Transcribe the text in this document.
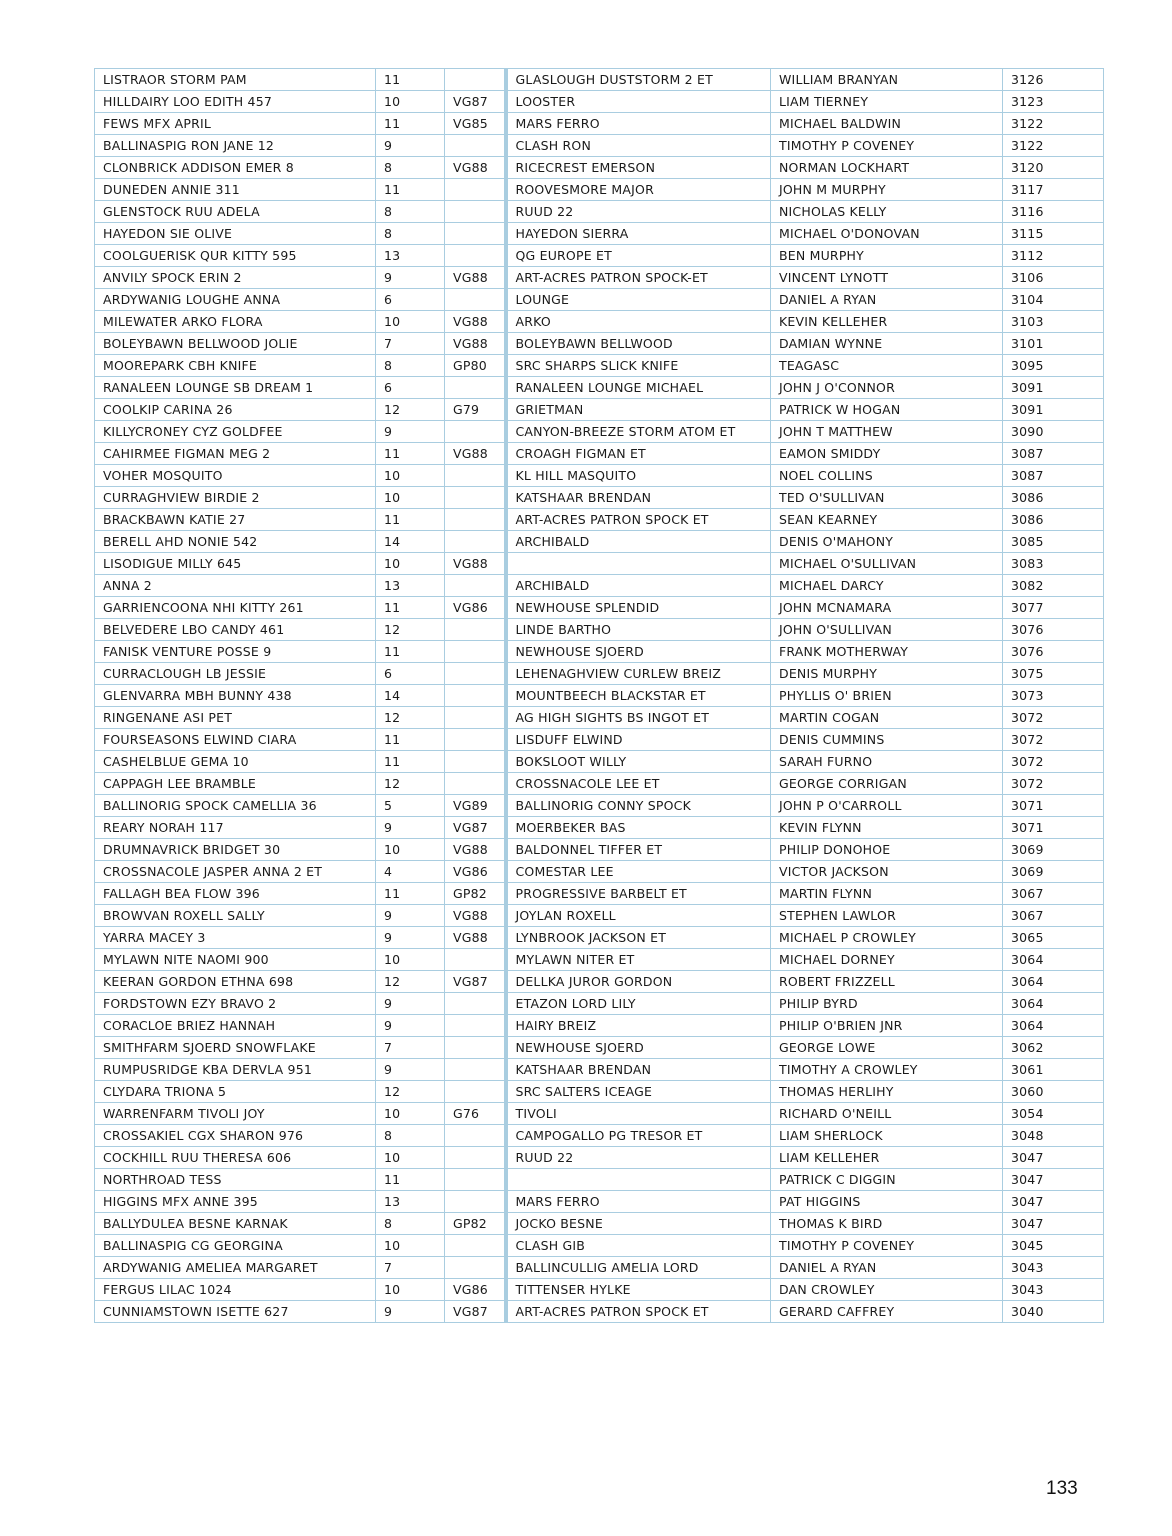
LISTRAOR STORM PAM	11		GLASLOUGH DUSTSTORM 2 ET	WILLIAM BRANYAN	3126
HILLDAIRY LOO EDITH 457	10	VG87	LOOSTER	LIAM TIERNEY	3123
FEWS MFX APRIL	11	VG85	MARS FERRO	MICHAEL BALDWIN	3122
BALLINASPIG RON JANE 12	9		CLASH RON	TIMOTHY P COVENEY	3122
CLONBRICK ADDISON EMER 8	8	VG88	RICECREST EMERSON	NORMAN LOCKHART	3120
DUNEDEN ANNIE 311	11		ROOVESMORE MAJOR	JOHN M MURPHY	3117
GLENSTOCK RUU ADELA	8		RUUD 22	NICHOLAS KELLY	3116
HAYEDON SIE OLIVE	8		HAYEDON SIERRA	MICHAEL O'DONOVAN	3115
COOLGUERISK QUR KITTY 595	13		QG EUROPE ET	BEN MURPHY	3112
ANVILY SPOCK ERIN 2	9	VG88	ART-ACRES PATRON SPOCK-ET	VINCENT LYNOTT	3106
ARDYWANIG LOUGHE ANNA	6		LOUNGE	DANIEL A RYAN	3104
MILEWATER ARKO FLORA	10	VG88	ARKO	KEVIN KELLEHER	3103
BOLEYBAWN BELLWOOD JOLIE	7	VG88	BOLEYBAWN BELLWOOD	DAMIAN WYNNE	3101
MOOREPARK CBH KNIFE	8	GP80	SRC SHARPS SLICK KNIFE	TEAGASC	3095
RANALEEN LOUNGE SB DREAM 1	6		RANALEEN LOUNGE MICHAEL	JOHN J O'CONNOR	3091
COOLKIP CARINA 26	12	G79	GRIETMAN	PATRICK W HOGAN	3091
KILLYCRONEY CYZ GOLDFEE	9		CANYON-BREEZE STORM ATOM ET	JOHN T MATTHEW	3090
CAHIRMEE FIGMAN MEG 2	11	VG88	CROAGH FIGMAN ET	EAMON SMIDDY	3087
VOHER MOSQUITO	10		KL HILL MASQUITO	NOEL COLLINS	3087
CURRAGHVIEW BIRDIE 2	10		KATSHAAR BRENDAN	TED O'SULLIVAN	3086
BRACKBAWN KATIE 27	11		ART-ACRES PATRON SPOCK ET	SEAN KEARNEY	3086
BERELL AHD NONIE 542	14		ARCHIBALD	DENIS O'MAHONY	3085
LISODIGUE MILLY 645	10	VG88		MICHAEL O'SULLIVAN	3083
ANNA 2	13		ARCHIBALD	MICHAEL DARCY	3082
GARRIENCOONA NHI KITTY 261	11	VG86	NEWHOUSE SPLENDID	JOHN MCNAMARA	3077
BELVEDERE LBO CANDY 461	12		LINDE BARTHO	JOHN O'SULLIVAN	3076
FANISK VENTURE POSSE 9	11		NEWHOUSE SJOERD	FRANK MOTHERWAY	3076
CURRACLOUGH LB JESSIE	6		LEHENAGHVIEW CURLEW BREIZ	DENIS MURPHY	3075
GLENVARRA MBH BUNNY 438	14		MOUNTBEECH BLACKSTAR ET	PHYLLIS O' BRIEN	3073
RINGENANE ASI PET	12		AG HIGH SIGHTS BS INGOT ET	MARTIN COGAN	3072
FOURSEASONS ELWIND CIARA	11		LISDUFF ELWIND	DENIS CUMMINS	3072
CASHELBLUE GEMA 10	11		BOKSLOOT WILLY	SARAH FURNO	3072
CAPPAGH LEE BRAMBLE	12		CROSSNACOLE LEE ET	GEORGE CORRIGAN	3072
BALLINORIG SPOCK CAMELLIA 36	5	VG89	BALLINORIG CONNY SPOCK	JOHN P O'CARROLL	3071
REARY NORAH 117	9	VG87	MOERBEKER BAS	KEVIN FLYNN	3071
DRUMNAVRICK BRIDGET 30	10	VG88	BALDONNEL TIFFER ET	PHILIP DONOHOE	3069
CROSSNACOLE JASPER ANNA 2 ET	4	VG86	COMESTAR LEE	VICTOR JACKSON	3069
FALLAGH BEA FLOW 396	11	GP82	PROGRESSIVE BARBELT ET	MARTIN FLYNN	3067
BROWVAN ROXELL SALLY	9	VG88	JOYLAN ROXELL	STEPHEN LAWLOR	3067
YARRA MACEY 3	9	VG88	LYNBROOK JACKSON ET	MICHAEL P CROWLEY	3065
MYLAWN NITE NAOMI 900	10		MYLAWN NITER ET	MICHAEL DORNEY	3064
KEERAN GORDON ETHNA 698	12	VG87	DELLKA JUROR GORDON	ROBERT FRIZZELL	3064
FORDSTOWN EZY BRAVO 2	9		ETAZON LORD LILY	PHILIP BYRD	3064
CORACLOE BRIEZ HANNAH	9		HAIRY BREIZ	PHILIP O'BRIEN JNR	3064
SMITHFARM SJOERD SNOWFLAKE	7		NEWHOUSE SJOERD	GEORGE LOWE	3062
RUMPUSRIDGE KBA DERVLA 951	9		KATSHAAR BRENDAN	TIMOTHY A CROWLEY	3061
CLYDARA TRIONA 5	12		SRC SALTERS ICEAGE	THOMAS HERLIHY	3060
WARRENFARM TIVOLI JOY	10	G76	TIVOLI	RICHARD O'NEILL	3054
CROSSAKIEL CGX SHARON 976	8		CAMPOGALLO PG TRESOR ET	LIAM SHERLOCK	3048
COCKHILL RUU THERESA 606	10		RUUD 22	LIAM KELLEHER	3047
NORTHROAD TESS	11			PATRICK C DIGGIN	3047
HIGGINS MFX ANNE 395	13		MARS FERRO	PAT HIGGINS	3047
BALLYDULEA BESNE KARNAK	8	GP82	JOCKO BESNE	THOMAS K BIRD	3047
BALLINASPIG CG GEORGINA	10		CLASH GIB	TIMOTHY P COVENEY	3045
ARDYWANIG AMELIEA MARGARET	7		BALLINCULLIG AMELIA LORD	DANIEL A RYAN	3043
FERGUS LILAC 1024	10	VG86	TITTENSER HYLKE	DAN CROWLEY	3043
CUNNIAMSTOWN ISETTE 627	9	VG87	ART-ACRES PATRON SPOCK ET	GERARD CAFFREY	3040
133
